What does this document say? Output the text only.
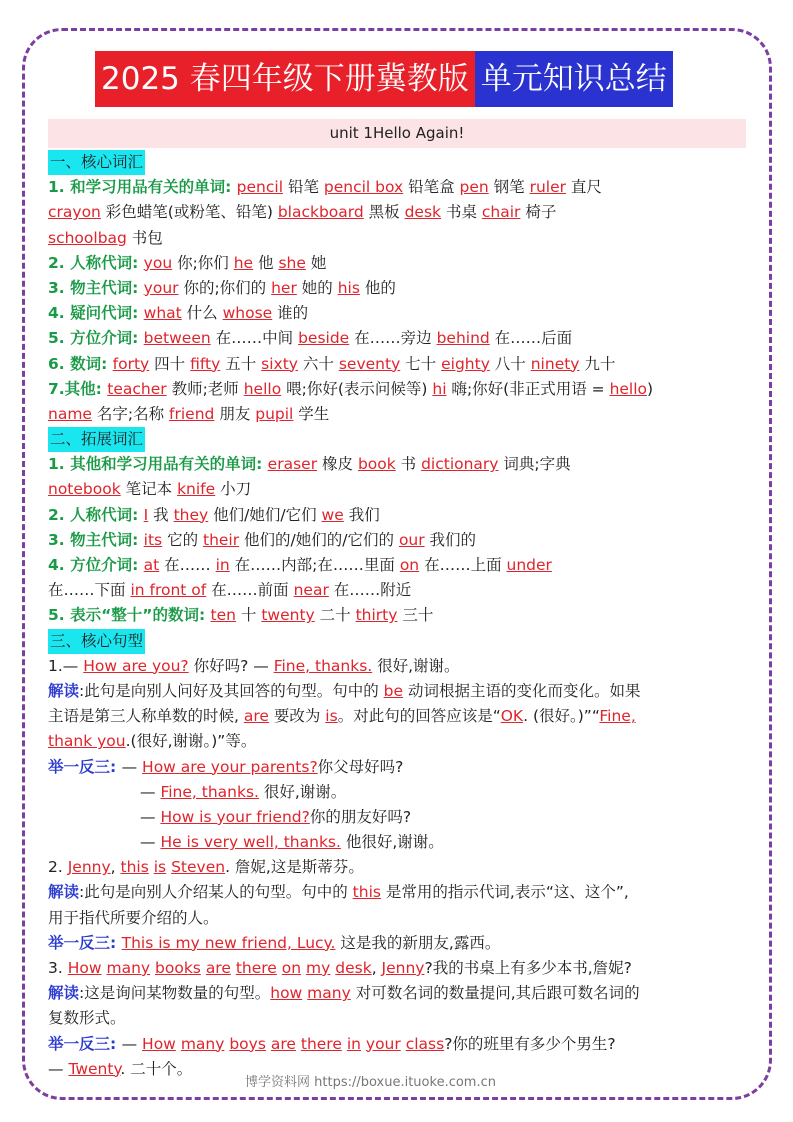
2025 春四年级下册冀教版 单元知识总结
unit 1Hello Again!
一、核心词汇
1. 和学习用品有关的单词: pencil 铅笔 pencil box 铅笔盒 pen 钢笔 ruler 直尺
crayon 彩色蜡笔(或粉笔、铅笔) blackboard 黑板 desk 书桌 chair 椅子
schoolbag 书包
2. 人称代词: you 你;你们 he 他 she 她
3. 物主代词: your 你的;你们的 her 她的 his 他的
4. 疑问代词: what 什么 whose 谁的
5. 方位介词: between 在……中间 beside 在……旁边 behind 在……后面
6. 数词: forty 四十 fifty 五十 sixty 六十 seventy 七十 eighty 八十 ninety 九十
7.其他: teacher 教师;老师 hello 喂;你好(表示问候等) hi 嗨;你好(非正式用语 = hello)
name 名字;名称 friend 朋友 pupil 学生
二、拓展词汇
1. 其他和学习用品有关的单词: eraser 橡皮 book 书 dictionary 词典;字典
notebook 笔记本 knife 小刀
2. 人称代词: I 我 they 他们/她们/它们 we 我们
3. 物主代词: its 它的 their 他们的/她们的/它们的 our 我们的
4. 方位介词: at 在…… in 在……内部;在……里面 on 在……上面 under
在……下面 in front of 在……前面 near 在……附近
5. 表示“整十”的数词: ten 十 twenty 二十 thirty 三十
三、核心句型
1.— How are you? 你好吗? — Fine, thanks. 很好,谢谢。
解读:此句是向别人问好及其回答的句型。句中的 be 动词根据主语的变化而变化。如果
主语是第三人称单数的时候, are 要改为 is。对此句的回答应该是“OK. (很好。)”“Fine,
thank you.(很好,谢谢。)”等。
举一反三: — How are your parents?你父母好吗?
— Fine, thanks. 很好,谢谢。
— How is your friend?你的朋友好吗?
— He is very well, thanks. 他很好,谢谢。
2. Jenny, this is Steven. 詹妮,这是斯蒂芬。
解读:此句是向别人介绍某人的句型。句中的 this 是常用的指示代词,表示“这、这个”,
用于指代所要介绍的人。
举一反三: This is my new friend, Lucy. 这是我的新朋友,露西。
3. How many books are there on my desk, Jenny?我的书桌上有多少本书,詹妮?
解读:这是询问某物数量的句型。how many 对可数名词的数量提问,其后跟可数名词的
复数形式。
举一反三: — How many boys are there in your class?你的班里有多少个男生?
— Twenty. 二十个。
博学资料网 https://boxue.ituoke.com.cn
